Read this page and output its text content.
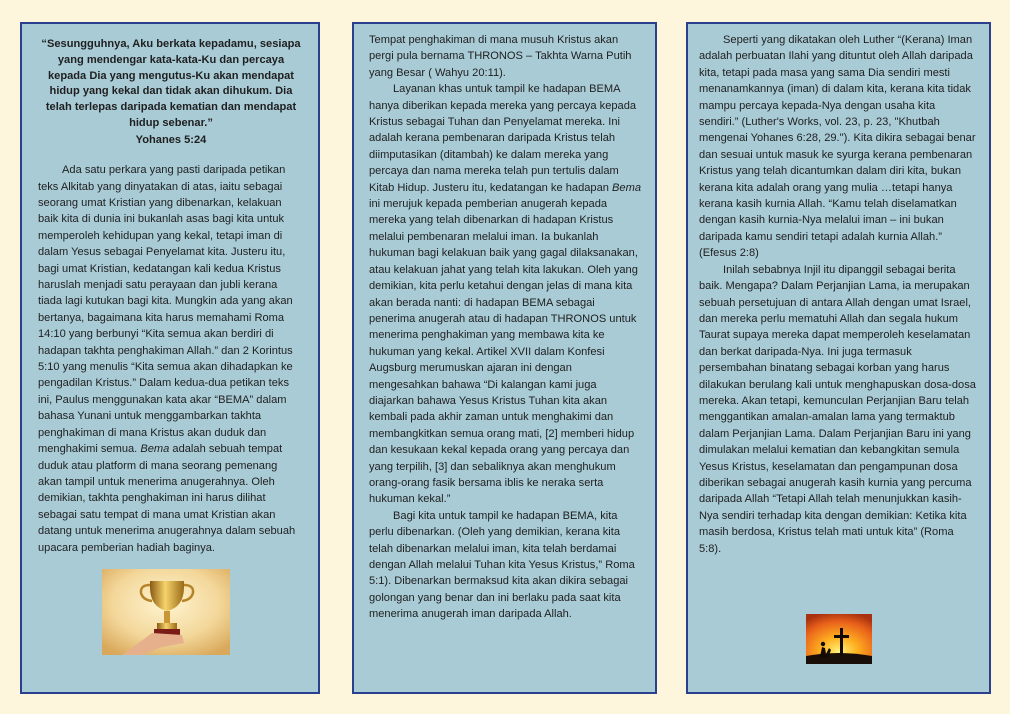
“Sesungguhnya, Aku berkata kepadamu, sesiapa yang mendengar kata-kata-Ku dan percaya kepada Dia yang mengutus-Ku akan mendapat hidup yang kekal dan tidak akan dihukum. Dia telah terlepas daripada kematian dan mendapat hidup sebenar.”

Yohanes 5:24

Ada satu perkara yang pasti daripada petikan teks Alkitab yang dinyatakan di atas, iaitu sebagai seorang umat Kristian yang dibenarkan, kelakuan baik kita di dunia ini bukanlah asas bagi kita untuk memperoleh kehidupan yang kekal, tetapi iman di dalam Yesus sebagai Penyelamat kita. Justeru itu, bagi umat Kristian, kedatangan kali kedua Kristus haruslah menjadi satu perayaan dan jubli kerana tiada lagi kutukan bagi kita. Mungkin ada yang akan bertanya, bagaimana kita harus memahami Roma 14:10 yang berbunyi “Kita semua akan berdiri di hadapan takhta penghakiman Allah.” dan 2 Korintus 5:10 yang menulis “Kita semua akan dihadapkan ke pengadilan Kristus.” Dalam kedua-dua petikan teks ini, Paulus menggunakan kata akar “BEMA” dalam bahasa Yunani untuk menggambarkan takhta penghakiman di mana Kristus akan duduk dan menghakimi semua. Bema adalah sebuah tempat duduk atau platform di mana seorang pemenang akan tampil untuk menerima anugerahnya. Oleh demikian, takhta penghakiman ini harus dilihat sebagai satu tempat di mana umat Kristian akan datang untuk menerima anugerahnya dalam sebuah upacara pemberian hadiah baginya.

Tempat penghakiman di mana musuh Kristus akan pergi pula bernama THRONOS – Takhta Warna Putih yang Besar ( Wahyu 20:11).

Layanan khas untuk tampil ke hadapan BEMA hanya diberikan kepada mereka yang percaya kepada Kristus sebagai Tuhan dan Penyelamat mereka. Ini adalah kerana pembenaran daripada Kristus telah diimputasikan (ditambah) ke dalam mereka yang percaya dan nama mereka telah pun tertulis dalam Kitab Hidup. Justeru itu, kedatangan ke hadapan Bema ini merujuk kepada pemberian anugerah kepada mereka yang telah dibenarkan di hadapan Kristus melalui pembenaran melalui iman. Ia bukanlah hukuman bagi kelakuan baik yang gagal dilaksanakan, atau kelakuan jahat yang telah kita lakukan. Oleh yang demikian, kita perlu ketahui dengan jelas di mana kita akan berada nanti: di hadapan BEMA sebagai penerima anugerah atau di hadapan THRONOS untuk menerima penghakiman yang membawa kita ke hukuman yang kekal. Artikel XVII dalam Konfesi Augsburg merumuskan ajaran ini dengan mengesahkan bahawa “Di kalangan kami juga diajarkan bahawa Yesus Kristus Tuhan kita akan kembali pada akhir zaman untuk menghakimi dan membangkitkan semua orang mati, [2] memberi hidup dan kesukaan kekal kepada orang yang percaya dan yang terpilih, [3] dan sebaliknya akan menghukum orang-orang fasik bersama iblis ke neraka serta hukuman kekal.”

Bagi kita untuk tampil ke hadapan BEMA, kita perlu dibenarkan. (Oleh yang demikian, kerana kita telah dibenarkan melalui iman, kita telah berdamai dengan Allah melalui Tuhan kita Yesus Kristus,” Roma 5:1). Dibenarkan bermaksud kita akan dikira sebagai golongan yang benar dan ini berlaku pada saat kita menerima anugerah iman daripada Allah.

Seperti yang dikatakan oleh Luther “(Kerana) Iman adalah perbuatan Ilahi yang dituntut oleh Allah daripada kita, tetapi pada masa yang sama Dia sendiri mesti menanamkannya (iman) di dalam kita, kerana kita tidak mampu percaya kepada-Nya dengan usaha kita sendiri.” (Luther's Works, vol. 23, p. 23, "Khutbah mengenai Yohanes 6:28, 29."). Kita dikira sebagai benar dan sesuai untuk masuk ke syurga kerana pembenaran Kristus yang telah dicantumkan dalam diri kita, bukan kerana kita adalah orang yang mulia …tetapi hanya kerana kasih kurnia Allah. “Kamu telah diselamatkan dengan kasih kurnia-Nya melalui iman – ini bukan daripada kamu sendiri tetapi adalah kurnia Allah.” (Efesus 2:8)

Inilah sebabnya Injil itu dipanggil sebagai berita baik. Mengapa? Dalam Perjanjian Lama, ia merupakan sebuah persetujuan di antara Allah dengan umat Israel, dan mereka perlu mematuhi Allah dan segala hukum Taurat supaya mereka dapat memperoleh keselamatan dan berkat daripada-Nya. Ini juga termasuk persembahan binatang sebagai korban yang harus dilakukan berulang kali untuk menghapuskan dosa-dosa mereka. Akan tetapi, kemunculan Perjanjian Baru telah menggantikan amalan-amalan lama yang termaktub dalam Perjanjian Lama. Dalam Perjanjian Baru ini yang dimulakan melalui kematian dan kebangkitan semula Yesus Kristus, keselamatan dan pengampunan dosa diberikan sebagai anugerah kasih kurnia yang percuma daripada Allah “Tetapi Allah telah menunjukkan kasih-Nya sendiri terhadap kita dengan demikian: Ketika kita masih berdosa, Kristus telah mati untuk kita” (Roma 5:8).
